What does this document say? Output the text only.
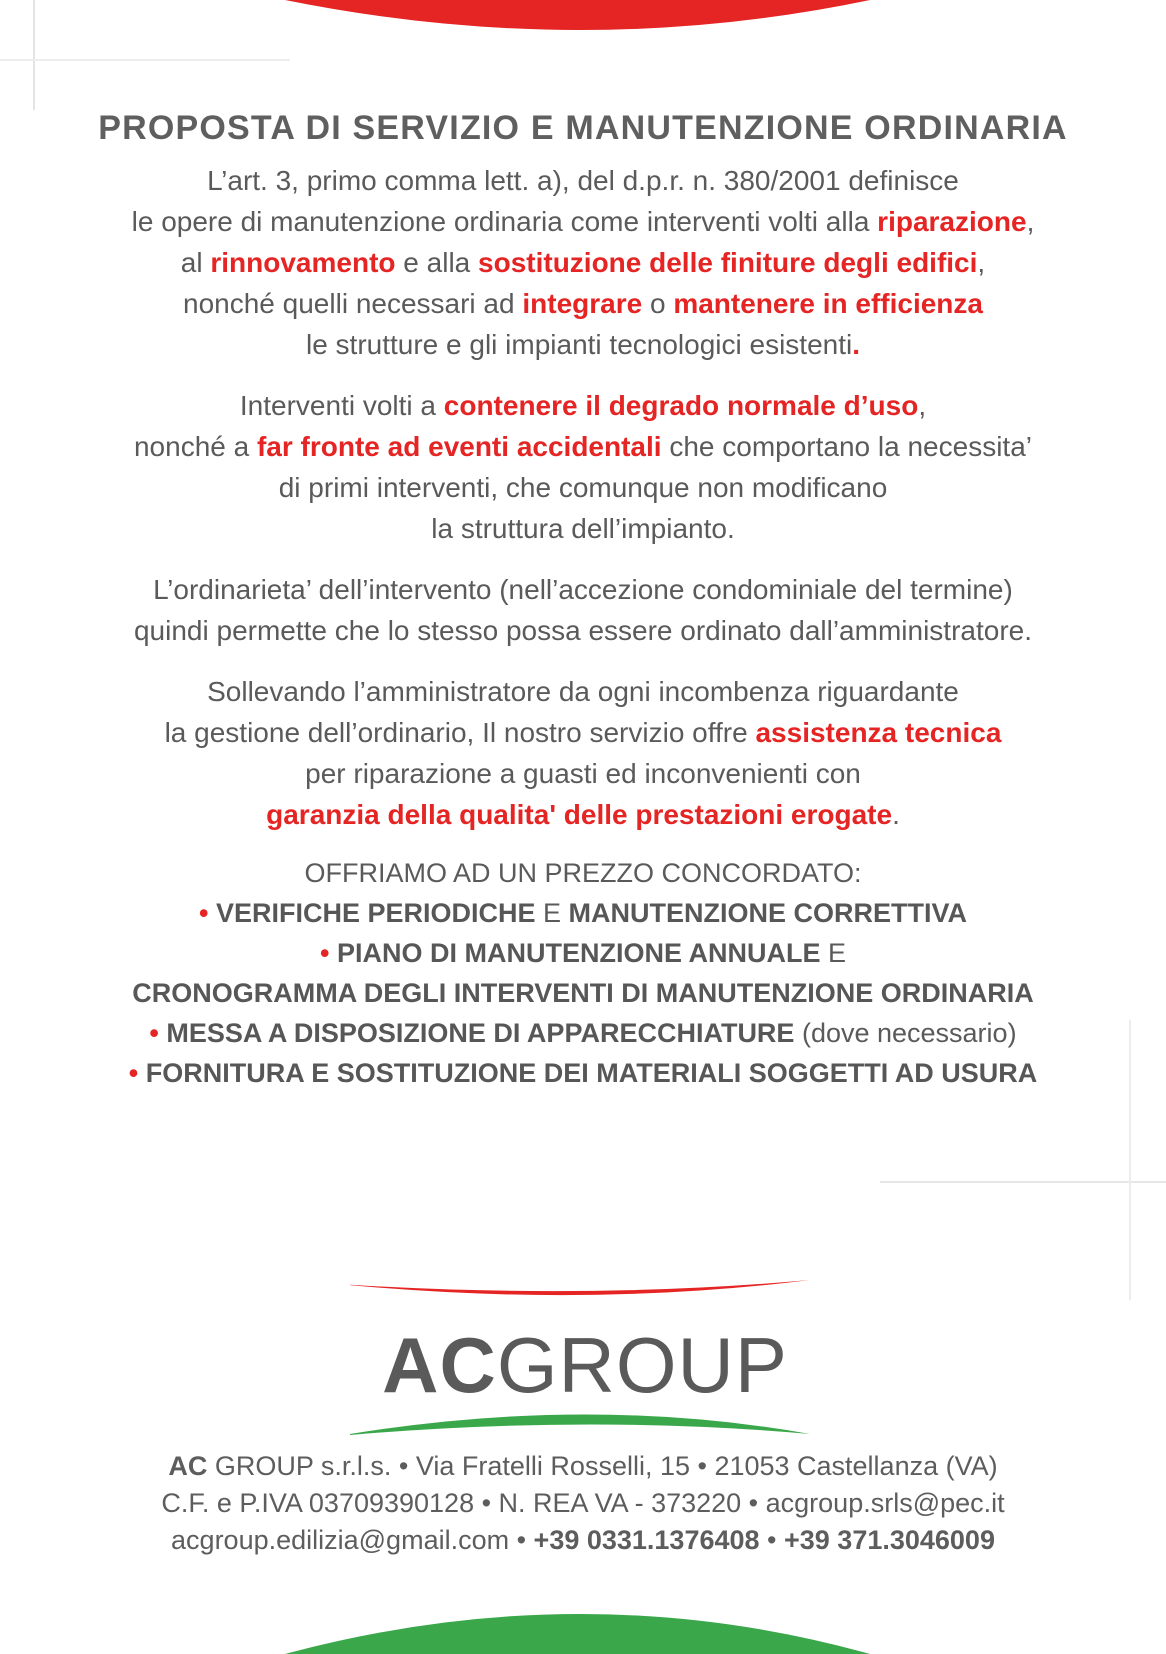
PROPOSTA DI SERVIZIO E MANUTENZIONE ORDINARIA

L’art. 3, primo comma lett. a), del d.p.r. n. 380/2001 definisce
le opere di manutenzione ordinaria come interventi volti alla riparazione,
al rinnovamento e alla sostituzione delle finiture degli edifici,
nonché quelli necessari ad integrare o mantenere in efficienza
le strutture e gli impianti tecnologici esistenti.

Interventi volti a contenere il degrado normale d’uso,
nonché a far fronte ad eventi accidentali che comportano la necessita’
di primi interventi, che comunque non modificano
la struttura dell’impianto.

L’ordinarieta’ dell’intervento (nell’accezione condominiale del termine)
quindi permette che lo stesso possa essere ordinato dall’amministratore.

Sollevando l’amministratore da ogni incombenza riguardante
la gestione dell’ordinario, Il nostro servizio offre assistenza tecnica
per riparazione a guasti ed inconvenienti con
garanzia della qualita' delle prestazioni erogate.

OFFRIAMO AD UN PREZZO CONCORDATO:
• VERIFICHE PERIODICHE E MANUTENZIONE CORRETTIVA
• PIANO DI MANUTENZIONE ANNUALE E
CRONOGRAMMA DEGLI INTERVENTI DI MANUTENZIONE ORDINARIA
• MESSA A DISPOSIZIONE DI APPARECCHIATURE (dove necessario)
• FORNITURA E SOSTITUZIONE DEI MATERIALI SOGGETTI AD USURA
ACGROUP
AC GROUP s.r.l.s. • Via Fratelli Rosselli, 15 • 21053 Castellanza (VA)
C.F. e P.IVA 03709390128 • N. REA VA - 373220 • acgroup.srls@pec.it
acgroup.edilizia@gmail.com • +39 0331.1376408 • +39 371.3046009
